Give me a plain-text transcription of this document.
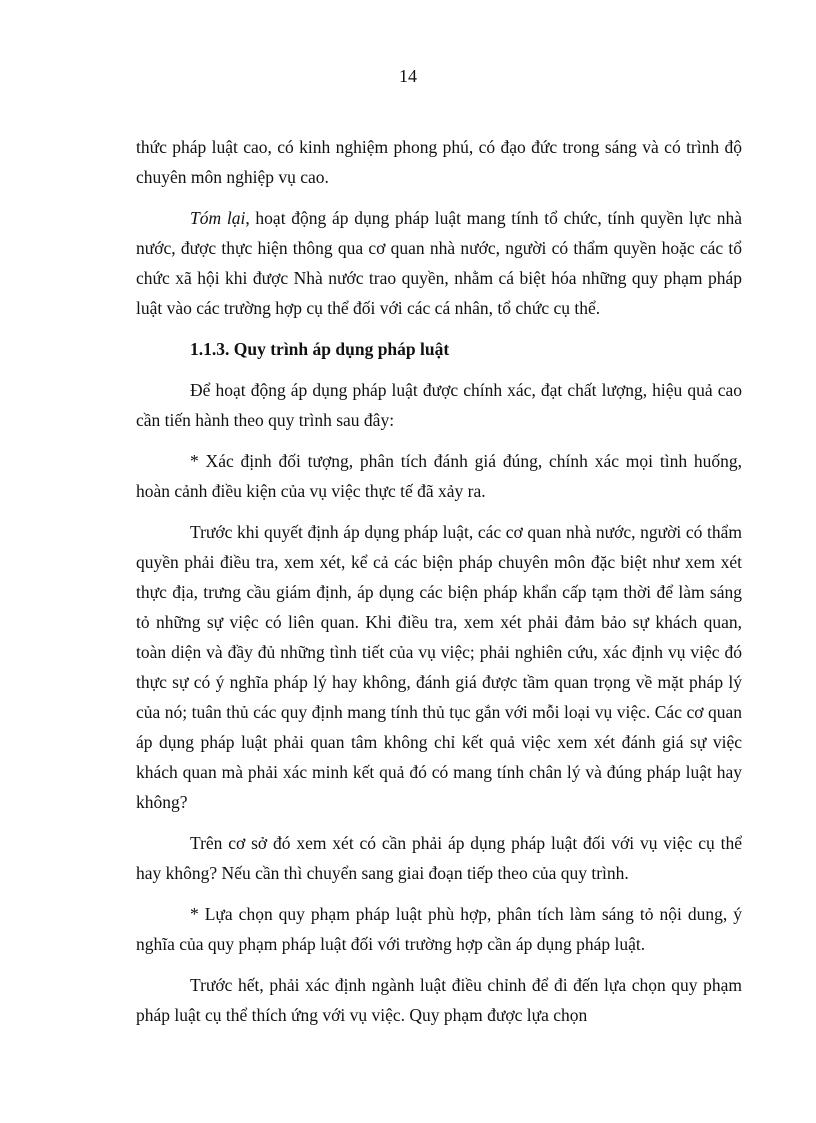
14

thức pháp luật cao, có kinh nghiệm phong phú, có đạo đức trong sáng và có trình độ chuyên môn nghiệp vụ cao.

Tóm lại, hoạt động áp dụng pháp luật mang tính tổ chức, tính quyền lực nhà nước, được thực hiện thông qua cơ quan nhà nước, người có thẩm quyền hoặc các tổ chức xã hội khi được Nhà nước trao quyền, nhằm cá biệt hóa những quy phạm pháp luật vào các trường hợp cụ thể đối với các cá nhân, tổ chức cụ thể.

1.1.3. Quy trình áp dụng pháp luật

Để hoạt động áp dụng pháp luật được chính xác, đạt chất lượng, hiệu quả cao cần tiến hành theo quy trình sau đây:

* Xác định đối tượng, phân tích đánh giá đúng, chính xác mọi tình huống, hoàn cảnh điều kiện của vụ việc thực tế đã xảy ra.

Trước khi quyết định áp dụng pháp luật, các cơ quan nhà nước, người có thẩm quyền phải điều tra, xem xét, kể cả các biện pháp chuyên môn đặc biệt như xem xét thực địa, trưng cầu giám định, áp dụng các biện pháp khẩn cấp tạm thời để làm sáng tỏ những sự việc có liên quan. Khi điều tra, xem xét phải đảm bảo sự khách quan, toàn diện và đầy đủ những tình tiết của vụ việc; phải nghiên cứu, xác định vụ việc đó thực sự có ý nghĩa pháp lý hay không, đánh giá được tầm quan trọng về mặt pháp lý của nó; tuân thủ các quy định mang tính thủ tục gắn với mỗi loại vụ việc. Các cơ quan áp dụng pháp luật phải quan tâm không chỉ kết quả việc xem xét đánh giá sự việc khách quan mà phải xác minh kết quả đó có mang tính chân lý và đúng pháp luật hay không?

Trên cơ sở đó xem xét có cần phải áp dụng pháp luật đối với vụ việc cụ thể hay không? Nếu cần thì chuyển sang giai đoạn tiếp theo của quy trình.

* Lựa chọn quy phạm pháp luật phù hợp, phân tích làm sáng tỏ nội dung, ý nghĩa của quy phạm pháp luật đối với trường hợp cần áp dụng pháp luật.

Trước hết, phải xác định ngành luật điều chỉnh để đi đến lựa chọn quy phạm pháp luật cụ thể thích ứng với vụ việc. Quy phạm được lựa chọn
